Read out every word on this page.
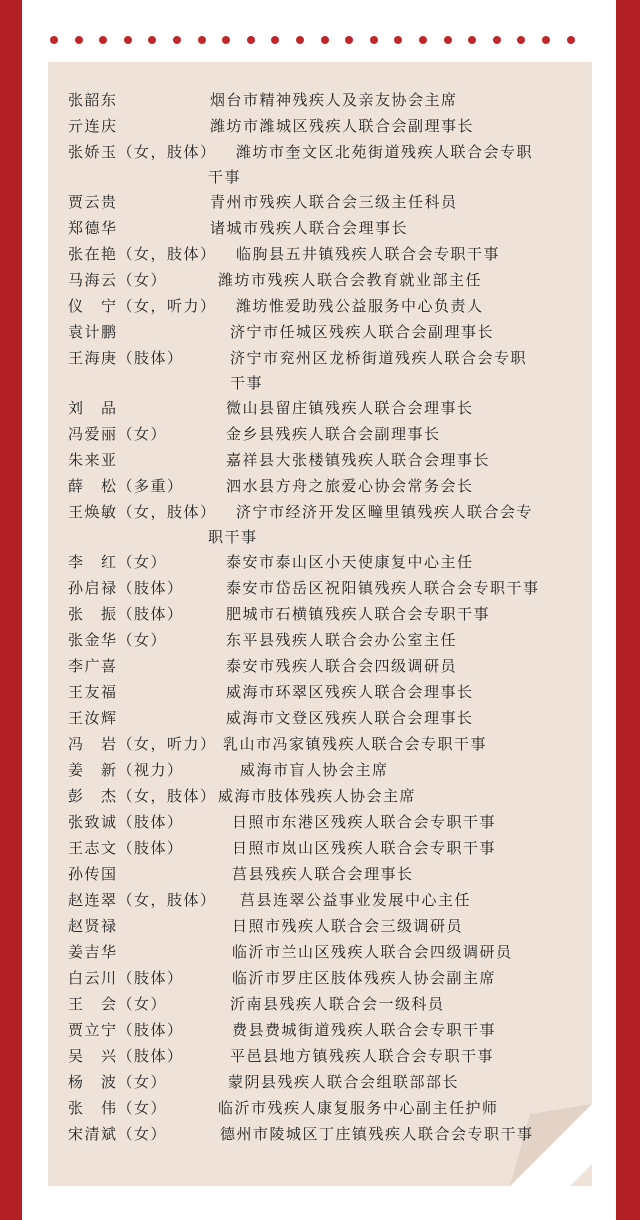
张韶东	烟台市精神残疾人及亲友协会主席
亓连庆	潍坊市潍城区残疾人联合会副理事长
张娇玉（女，肢体） 潍坊市奎文区北苑街道残疾人联合会专职
干事
贾云贵	青州市残疾人联合会三级主任科员
郑德华	诸城市残疾人联合会理事长
张在艳（女，肢体） 临朐县五井镇残疾人联合会专职干事
马海云（女）	潍坊市残疾人联合会教育就业部主任
仪　宁（女，听力） 潍坊惟爱助残公益服务中心负责人
袁计鹏	济宁市任城区残疾人联合会副理事长
王海庚（肢体）	济宁市兖州区龙桥街道残疾人联合会专职
干事
刘　品	微山县留庄镇残疾人联合会理事长
冯爱丽（女）	金乡县残疾人联合会副理事长
朱来亚	嘉祥县大张楼镇残疾人联合会理事长
薛　松（多重）	泗水县方舟之旅爱心协会常务会长
王焕敏（女，肢体） 济宁市经济开发区疃里镇残疾人联合会专
职干事
李　红（女）	泰安市泰山区小天使康复中心主任
孙启禄（肢体）	泰安市岱岳区祝阳镇残疾人联合会专职干事
张　振（肢体）	肥城市石横镇残疾人联合会专职干事
张金华（女）	东平县残疾人联合会办公室主任
李广喜	泰安市残疾人联合会四级调研员
王友福	威海市环翠区残疾人联合会理事长
王汝辉	威海市文登区残疾人联合会理事长
冯　岩（女，听力） 乳山市冯家镇残疾人联合会专职干事
姜　新（视力）	威海市盲人协会主席
彭　杰（女，肢体） 威海市肢体残疾人协会主席
张致诚（肢体）	日照市东港区残疾人联合会专职干事
王志文（肢体）	日照市岚山区残疾人联合会专职干事
孙传国	莒县残疾人联合会理事长
赵连翠（女，肢体） 莒县连翠公益事业发展中心主任
赵贤禄	日照市残疾人联合会三级调研员
姜吉华	临沂市兰山区残疾人联合会四级调研员
白云川（肢体）	临沂市罗庄区肢体残疾人协会副主席
王　会（女）	沂南县残疾人联合会一级科员
贾立宁（肢体）	费县费城街道残疾人联合会专职干事
吴　兴（肢体）	平邑县地方镇残疾人联合会专职干事
杨　波（女）	蒙阴县残疾人联合会组联部部长
张　伟（女）	临沂市残疾人康复服务中心副主任护师
宋清斌（女）	德州市陵城区丁庄镇残疾人联合会专职干事
